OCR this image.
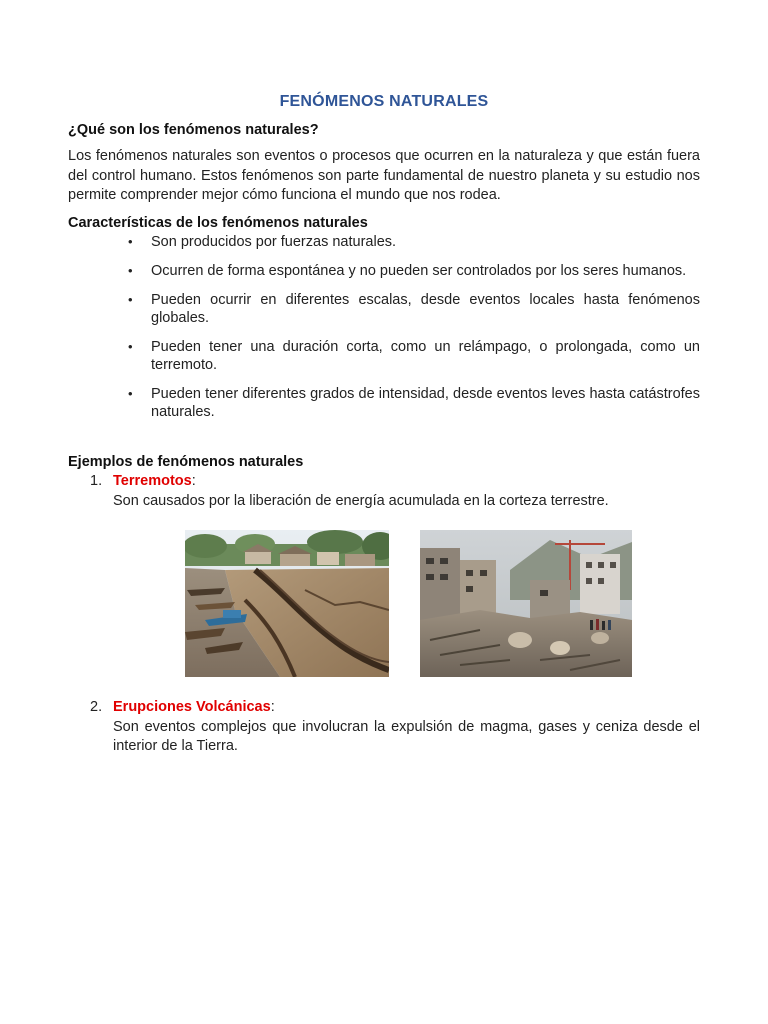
FENÓMENOS NATURALES
¿Qué son los fenómenos naturales?
Los fenómenos naturales son eventos o procesos que ocurren en la naturaleza y que están fuera del control humano. Estos fenómenos son parte fundamental de nuestro planeta y su estudio nos permite comprender mejor cómo funciona el mundo que nos rodea.
Características de los fenómenos naturales
• Son producidos por fuerzas naturales.
• Ocurren de forma espontánea y no pueden ser controlados por los seres humanos.
• Pueden ocurrir en diferentes escalas, desde eventos locales hasta fenómenos globales.
• Pueden tener una duración corta, como un relámpago, o prolongada, como un terremoto.
• Pueden tener diferentes grados de intensidad, desde eventos leves hasta catástrofes naturales.
Ejemplos de fenómenos naturales
1. Terremotos:
Son causados por la liberación de energía acumulada en la corteza terrestre.
2. Erupciones Volcánicas:
Son eventos complejos que involucran la expulsión de magma, gases y ceniza desde el interior de la Tierra.
